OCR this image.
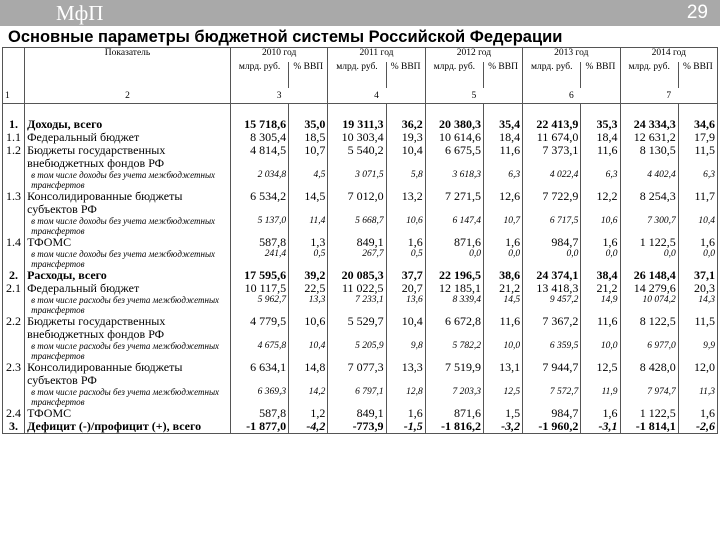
МфП	29
Основные параметры бюджетной системы Российской Федерации
	Показатель	2010 год		2011 год		2012 год		2013 год		2014 год	
		млрд. руб.	% ВВП	млрд. руб.	% ВВП	млрд. руб.	% ВВП	млрд. руб.	% ВВП	млрд. руб.	% ВВП
1	2	3		4		5		6		7	

1.	Доходы, всего	15 718,6	35,0	19 311,3	36,2	20 380,3	35,4	22 413,9	35,3	24 334,3	34,6
1.1	Федеральный бюджет	8 305,4	18,5	10 303,4	19,3	10 614,6	18,4	11 674,0	18,4	12 631,2	17,9
1.2	Бюджеты государственных внебюджетных фондов РФ	4 814,5	10,7	5 540,2	10,4	6 675,5	11,6	7 373,1	11,6	8 130,5	11,5
	в том числе доходы без учета межбюджетных трансфертов	2 034,8	4,5	3 071,5	5,8	3 618,3	6,3	4 022,4	6,3	4 402,4	6,3
1.3	Консолидированные бюджеты субъектов РФ	6 534,2	14,5	7 012,0	13,2	7 271,5	12,6	7 722,9	12,2	8 254,3	11,7
	в том числе доходы без учета межбюджетных трансфертов	5 137,0	11,4	5 668,7	10,6	6 147,4	10,7	6 717,5	10,6	7 300,7	10,4
1.4	ТФОМС	587,8	1,3	849,1	1,6	871,6	1,6	984,7	1,6	1 122,5	1,6
	в том числе доходы без учета межбюджетных трансфертов	241,4	0,5	267,7	0,5	0,0	0,0	0,0	0,0	0,0	0,0
2.	Расходы, всего	17 595,6	39,2	20 085,3	37,7	22 196,5	38,6	24 374,1	38,4	26 148,4	37,1
2.1	Федеральный бюджет	10 117,5	22,5	11 022,5	20,7	12 185,1	21,2	13 418,3	21,2	14 279,6	20,3
	в том числе расходы без учета межбюджетных трансфертов	5 962,7	13,3	7 233,1	13,6	8 339,4	14,5	9 457,2	14,9	10 074,2	14,3
2.2	Бюджеты государственных внебюджетных фондов РФ	4 779,5	10,6	5 529,7	10,4	6 672,8	11,6	7 367,2	11,6	8 122,5	11,5
	в том числе расходы без учета межбюджетных трансфертов	4 675,8	10,4	5 205,9	9,8	5 782,2	10,0	6 359,5	10,0	6 977,0	9,9
2.3	Консолидированные бюджеты субъектов РФ	6 634,1	14,8	7 077,3	13,3	7 519,9	13,1	7 944,7	12,5	8 428,0	12,0
	в том числе расходы без учета межбюджетных трансфертов	6 369,3	14,2	6 797,1	12,8	7 203,3	12,5	7 572,7	11,9	7 974,7	11,3
2.4	ТФОМС	587,8	1,2	849,1	1,6	871,6	1,5	984,7	1,6	1 122,5	1,6
3.	Дефицит (-)/профицит (+), всего	-1 877,0	-4,2	-773,9	-1,5	-1 816,2	-3,2	-1 960,2	-3,1	-1 814,1	-2,6
